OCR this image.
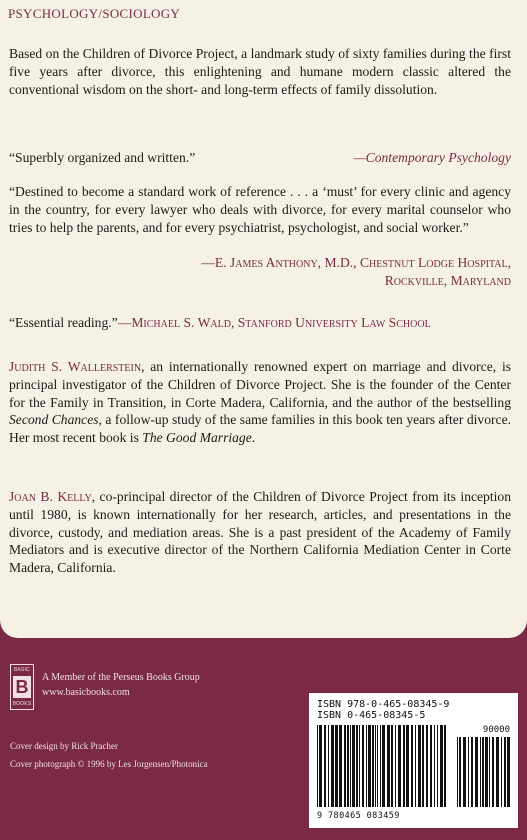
PSYCHOLOGY/SOCIOLOGY

Based on the Children of Divorce Project, a landmark study of sixty families during the first five years after divorce, this enlightening and humane modern classic altered the conventional wisdom on the short- and long-term effects of family dissolution.

“Superbly organized and written.”	—Contemporary Psychology

“Destined to become a standard work of reference . . . a ‘must’ for every clinic and agency in the country, for every lawyer who deals with divorce, for every marital counselor who tries to help the parents, and for every psychiatrist, psychologist, and social worker.”

—E. James Anthony, M.D., Chestnut Lodge Hospital,
Rockville, Maryland
“Essential reading.”—Michael S. Wald, Stanford University Law School

Judith S. Wallerstein, an internationally renowned expert on marriage and divorce, is principal investigator of the Children of Divorce Project. She is the founder of the Center for the Family in Transition, in Corte Madera, California, and the author of the bestselling Second Chances, a follow-up study of the same families in this book ten years after divorce. Her most recent book is The Good Marriage.

Joan B. Kelly, co-principal director of the Children of Divorce Project from its inception until 1980, is known internationally for her research, articles, and presentations in the divorce, custody, and mediation areas. She is a past president of the Academy of Family Mediators and is executive director of the Northern California Mediation Center in Corte Madera, California.

BASIC
B
BOOKS
A Member of the Perseus Books Group
www.basicbooks.com
Cover design by Rick Pracher
Cover photograph © 1996 by Les Jorgensen/Photonica

ISBN 978-0-465-08345-9

ISBN 0-465-08345-5

90000
9 780465 083459
